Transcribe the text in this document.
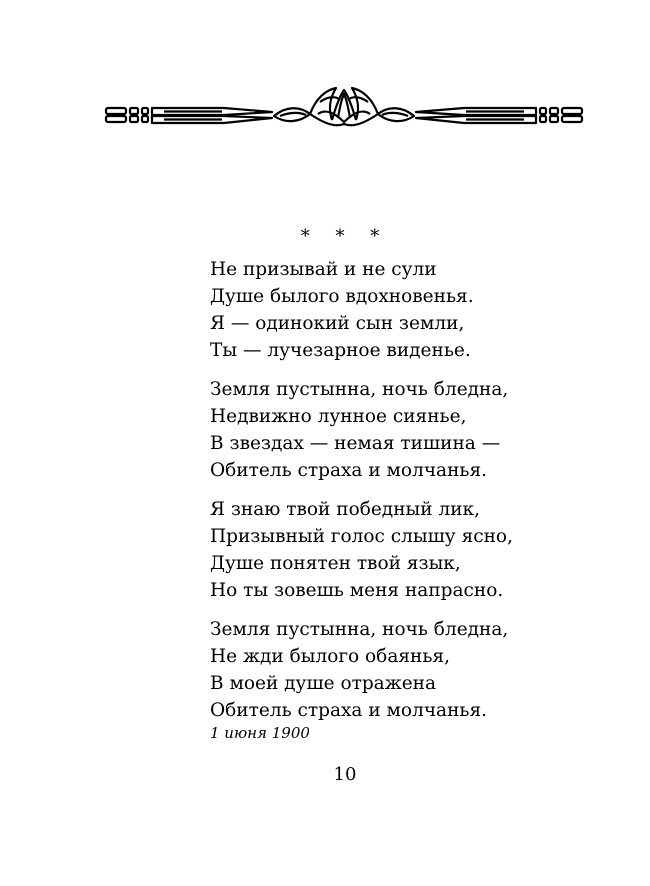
* * *
Не призывай и не сули
Душе былого вдохновенья.
Я — одинокий сын земли,
Ты — лучезарное виденье.
Земля пустынна, ночь бледна,
Недвижно лунное сиянье,
В звездах — немая тишина —
Обитель страха и молчанья.
Я знаю твой победный лик,
Призывный голос слышу ясно,
Душе понятен твой язык,
Но ты зовешь меня напрасно.
Земля пустынна, ночь бледна,
Не жди былого обаянья,
В моей душе отражена
Обитель страха и молчанья.
1 июня 1900
10
